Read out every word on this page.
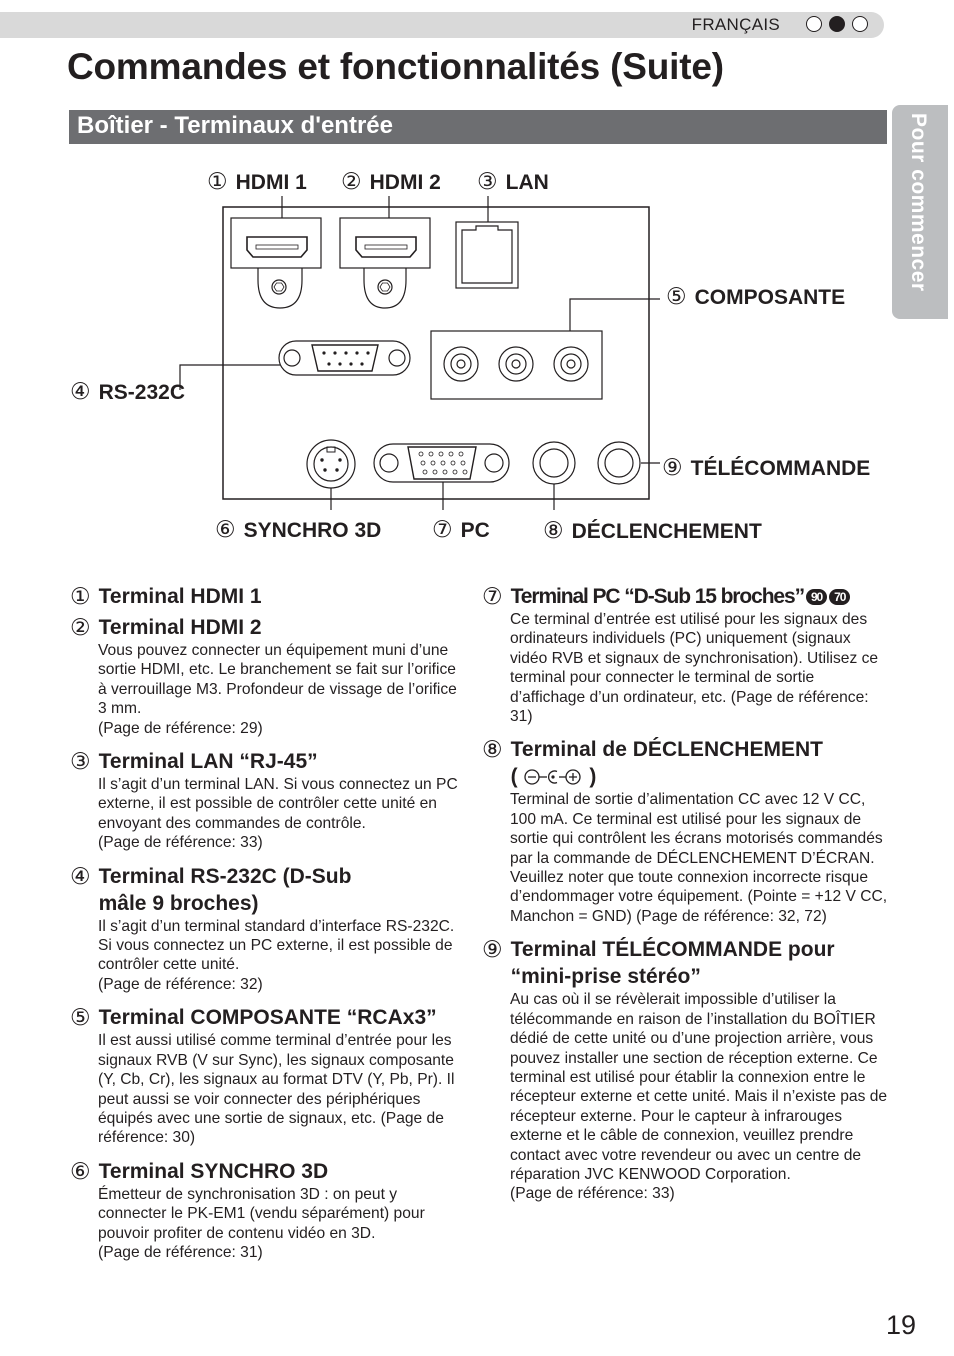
FRANÇAIS
Commandes et fonctionnalités (Suite)
Boîtier - Terminaux d'entrée	Pour commencer
① HDMI 1 ② HDMI 2 ③ LAN
⑤ COMPOSANTE
④ RS-232C
⑨ TÉLÉCOMMANDE
⑥ SYNCHRO 3D ⑦ PC ⑧ DÉCLENCHEMENT
① Terminal HDMI 1
② Terminal HDMI 2
Vous pouvez connecter un équipement muni d’une sortie HDMI, etc. Le branchement se fait sur l’orifice à verrouillage M3. Profondeur de vissage de l’orifice 3 mm.
(Page de référence: 29)
③ Terminal LAN “RJ-45”
Il s’agit d’un terminal LAN. Si vous connectez un PC externe, il est possible de contrôler cette unité en envoyant des commandes de contrôle.
(Page de référence: 33)
④ Terminal RS-232C (D-Sub mâle 9 broches)
Il s’agit d’un terminal standard d’interface RS-232C. Si vous connectez un PC externe, il est possible de contrôler cette unité.
(Page de référence: 32)
⑤ Terminal COMPOSANTE “RCAx3”
Il est aussi utilisé comme terminal d’entrée pour les signaux RVB (V sur Sync), les signaux composante (Y, Cb, Cr), les signaux au format DTV (Y, Pb, Pr). Il peut aussi se voir connecter des périphériques équipés avec une sortie de signaux, etc. (Page de référence: 30)
⑥ Terminal SYNCHRO 3D
Émetteur de synchronisation 3D : on peut y connecter le PK-EM1 (vendu séparément) pour pouvoir profiter de contenu vidéo en 3D.
(Page de référence: 31)
⑦ Terminal PC “D-Sub 15 broches” 90 70
Ce terminal d’entrée est utilisé pour les signaux des ordinateurs individuels (PC) uniquement (signaux vidéo RVB et signaux de synchronisation). Utilisez ce terminal pour connecter le terminal de sortie d’affichage d’un ordinateur, etc. (Page de référence: 31)
⑧ Terminal de DÉCLENCHEMENT
(	)
Terminal de sortie d’alimentation CC avec 12 V CC, 100 mA. Ce terminal est utilisé pour les signaux de sortie qui contrôlent les écrans motorisés commandés par la commande de DÉCLENCHEMENT D’ÉCRAN. Veuillez noter que toute connexion incorrecte risque d’endommager votre équipement. (Pointe = +12 V CC, Manchon = GND) (Page de référence: 32, 72)
⑨ Terminal TÉLÉCOMMANDE pour “mini-prise stéréo”
Au cas où il se révèlerait impossible d’utiliser la télécommande en raison de l’installation du BOÎTIER dédié de cette unité ou d’une projection arrière, vous pouvez installer une section de réception externe. Ce terminal est utilisé pour établir la connexion entre le récepteur externe et cette unité. Mais il n’existe pas de récepteur externe. Pour le capteur à infrarouges externe et le câble de connexion, veuillez prendre contact avec votre revendeur ou avec un centre de réparation JVC KENWOOD Corporation.
(Page de référence: 33)
19
